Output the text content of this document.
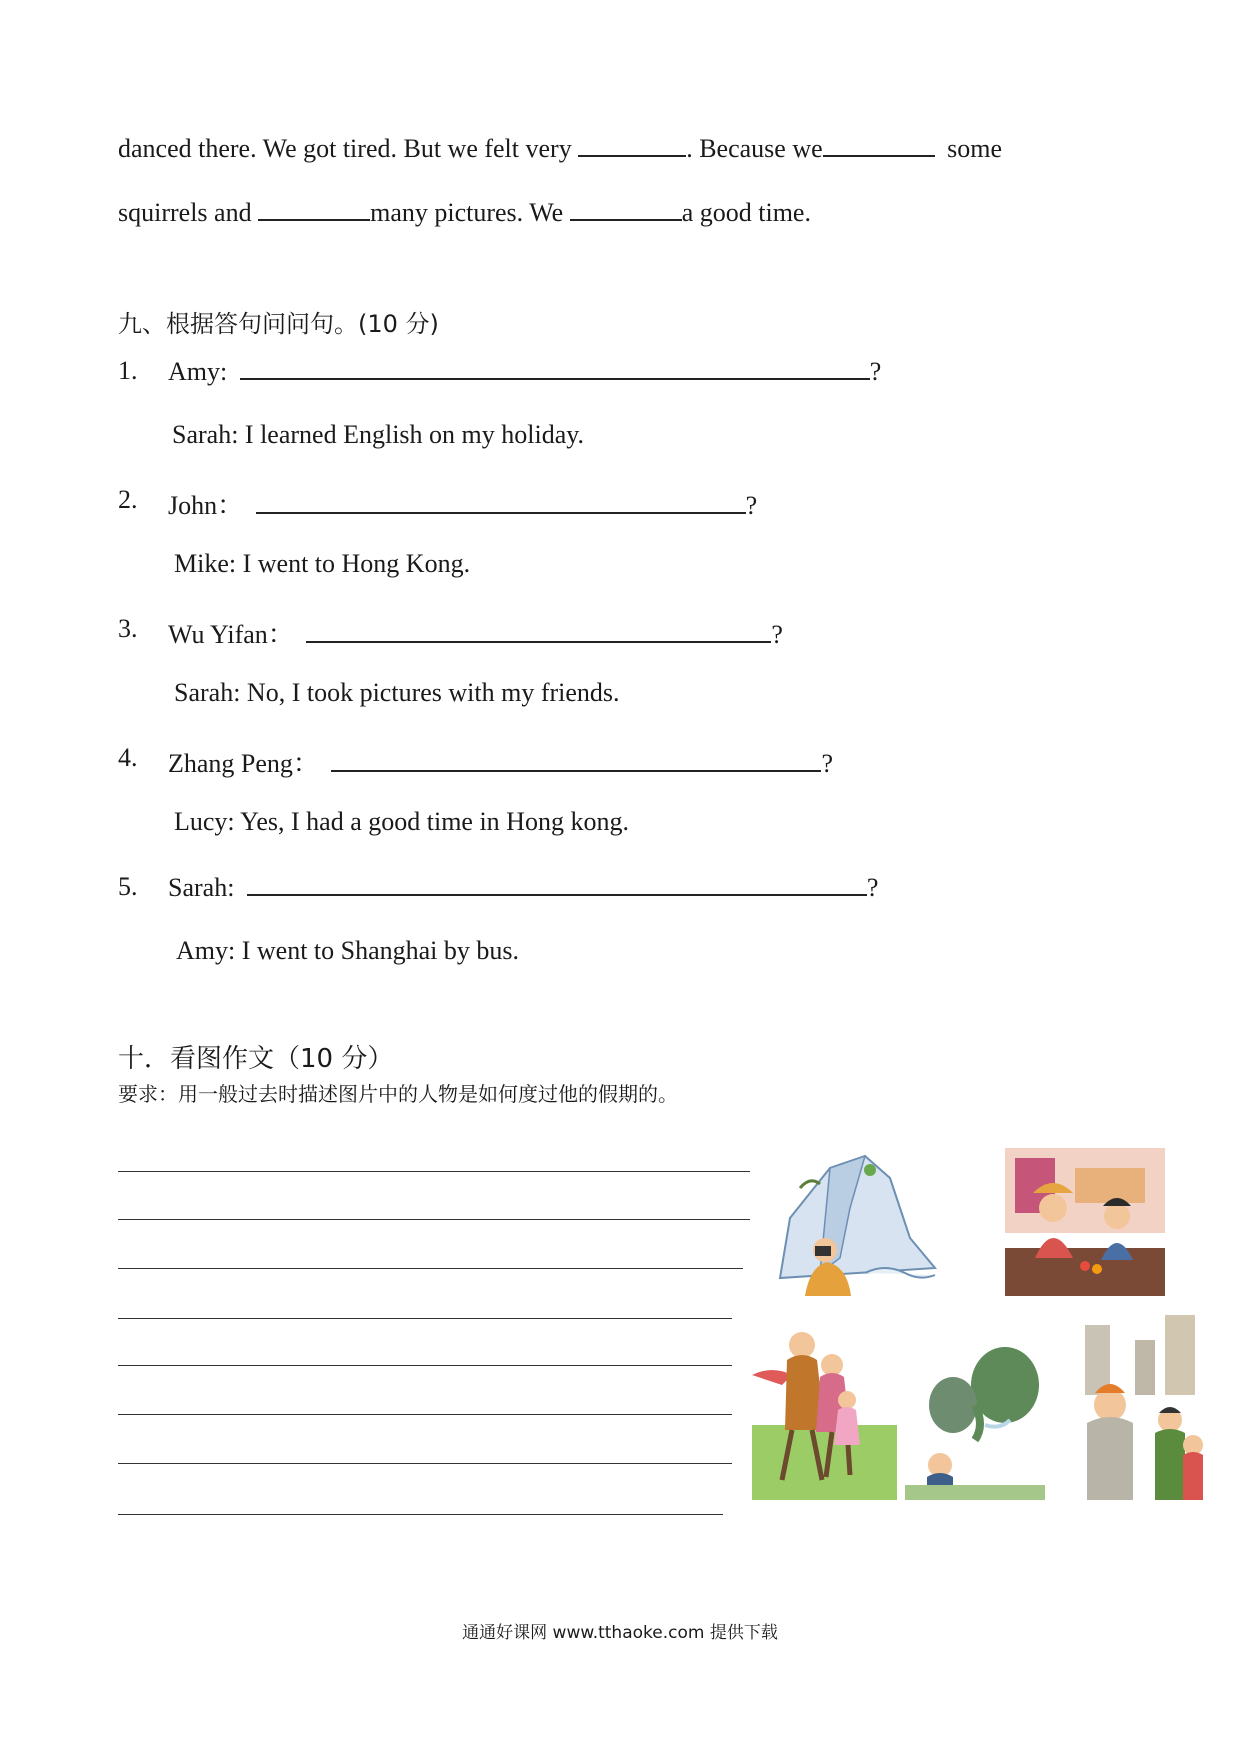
danced there. We got tired. But we felt very	. Because we	some
squirrels and	many pictures. We	a good time.
九、根据答句问问句。(10 分)
1. Amy:	?
Sarah: I learned English on my holiday.
2. John：	?
Mike: I went to Hong Kong.
3. Wu Yifan：	?
Sarah: No, I took pictures with my friends.
4. Zhang Peng：	?
Lucy: Yes, I had a good time in Hong kong.
5. Sarah:	?
Amy: I went to Shanghai by bus.
十．看图作文（10 分）
要求：用一般过去时描述图片中的人物是如何度过他的假期的。
通通好课网 www.tthaoke.com 提供下载
